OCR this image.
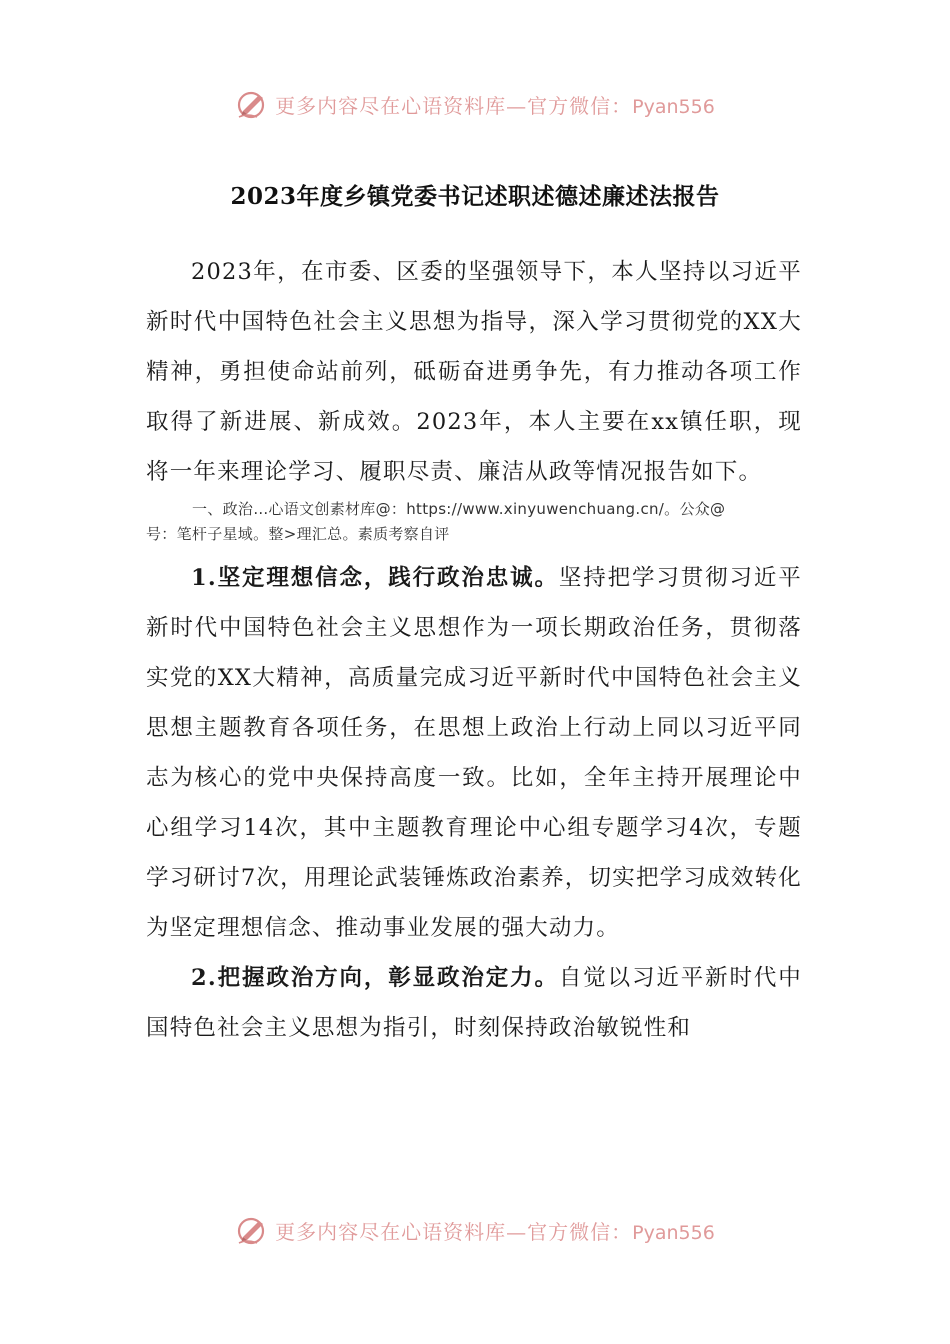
更多内容尽在心语资料库—官方微信：Pyan556
2023年度乡镇党委书记述职述德述廉述法报告

2023年，在市委、区委的坚强领导下，本人坚持以习近平新时代中国特色社会主义思想为指导，深入学习贯彻党的XX大精神，勇担使命站前列，砥砺奋进勇争先，有力推动各项工作取得了新进展、新成效。2023年，本人主要在xx镇任职，现将一年来理论学习、履职尽责、廉洁从政等情况报告如下。

一、政治…心语文创素材库@：https://www.xinyuwenchuang.cn/。公众@

号：笔杆子星域。整>理汇总。素质考察自评

1.坚定理想信念，践行政治忠诚。坚持把学习贯彻习近平新时代中国特色社会主义思想作为一项长期政治任务，贯彻落实党的XX大精神，高质量完成习近平新时代中国特色社会主义思想主题教育各项任务，在思想上政治上行动上同以习近平同志为核心的党中央保持高度一致。比如，全年主持开展理论中心组学习14次，其中主题教育理论中心组专题学习4次，专题学习研讨7次，用理论武装锤炼政治素养，切实把学习成效转化为坚定理想信念、推动事业发展的强大动力。

2.把握政治方向，彰显政治定力。自觉以习近平新时代中国特色社会主义思想为指引，时刻保持政治敏锐性和

更多内容尽在心语资料库—官方微信：Pyan556
